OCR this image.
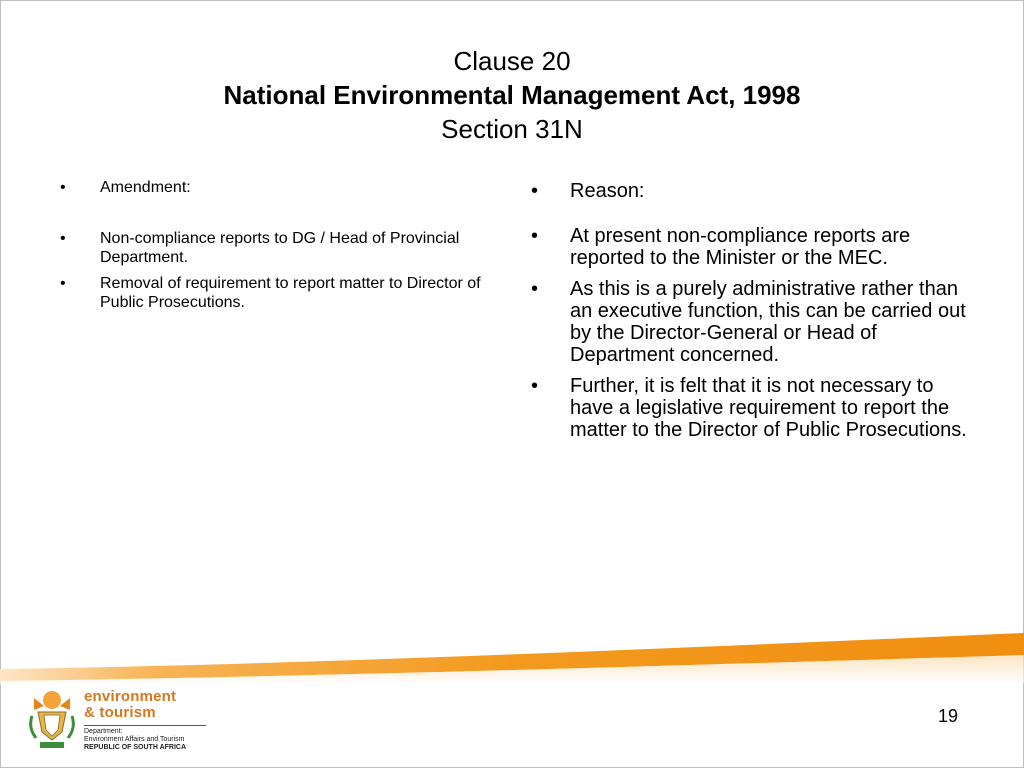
Clause 20
National Environmental Management Act, 1998
Section 31N
•	Amendment:
•	Non-compliance reports to DG / Head of Provincial Department.
•	Removal of requirement to report matter to Director of Public Prosecutions.
•	Reason:
•	At present non-compliance reports are reported to the Minister or the MEC.
•	As this is a purely administrative rather than an executive function, this can be carried out by the Director-General or Head of Department concerned.
•	Further, it is felt that it is not necessary to have a legislative requirement to report the matter to the Director of Public Prosecutions.
environment
& tourism
Department:
Environment Affairs and Tourism
REPUBLIC OF SOUTH AFRICA
19
